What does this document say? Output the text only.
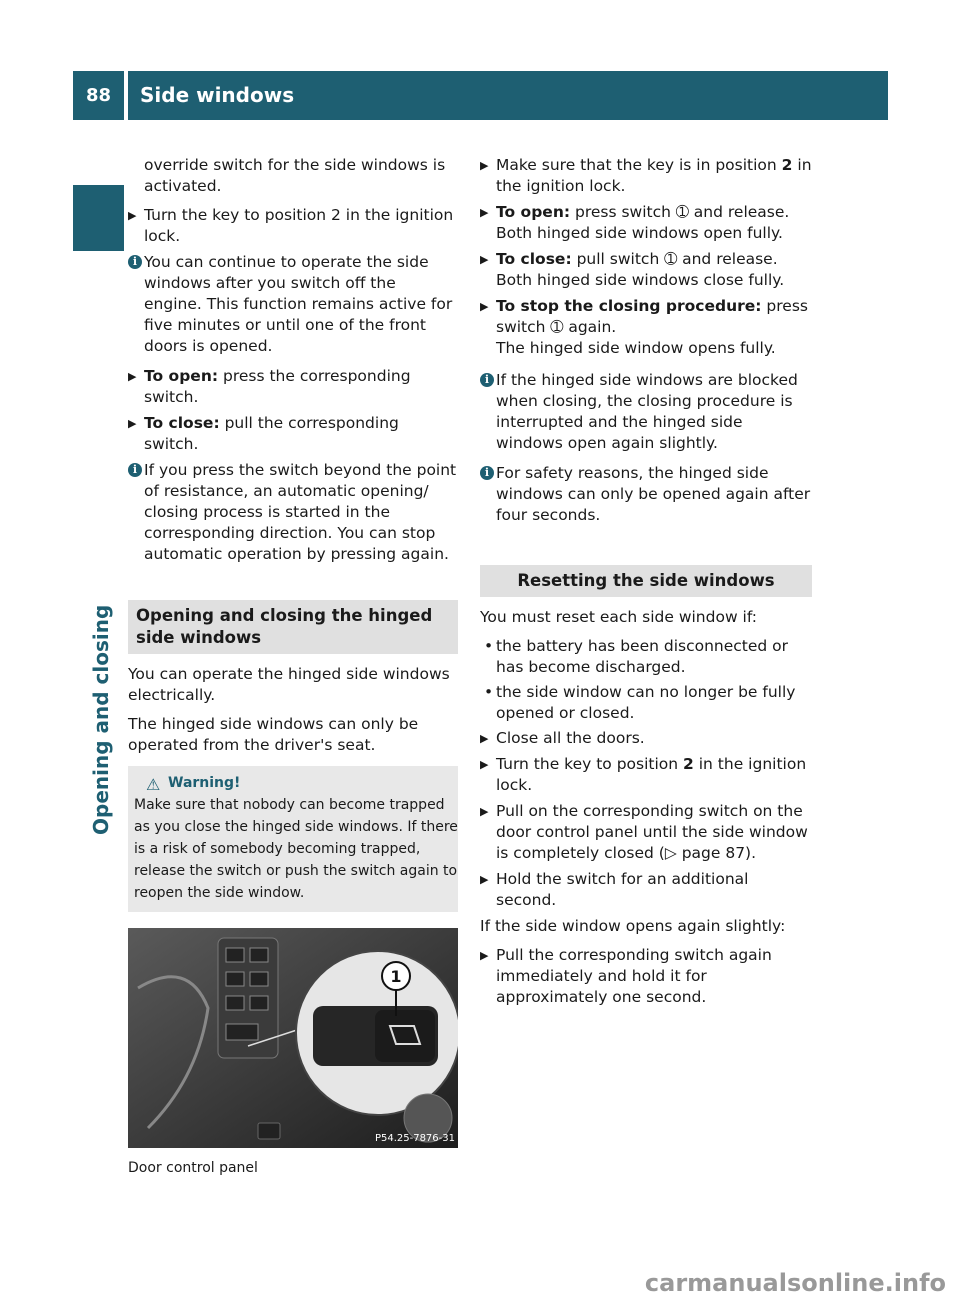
88	Side windows
Opening and closing

override switch for the side windows is activated.

▶ Turn the key to position 2 in the ignition lock.
i You can continue to operate the side windows after you switch off the engine. This function remains active for five minutes or until one of the front doors is opened.
▶ To open: press the corresponding switch.
▶ To close: pull the corresponding switch.
i If you press the switch beyond the point of resistance, an automatic opening/ closing process is started in the corresponding direction. You can stop automatic operation by pressing again.
Opening and closing the hinged side windows

You can operate the hinged side windows electrically.

The hinged side windows can only be operated from the driver's seat.

⚠ Warning!
Make sure that nobody can become trapped as you close the hinged side windows. If there is a risk of somebody becoming trapped, release the switch or push the switch again to reopen the side window.
1
P54.25-7876-31

Door control panel

▶ Make sure that the key is in position 2 in the ignition lock.
▶ To open: press switch ➀ and release.
Both hinged side windows open fully.
▶ To close: pull switch ➀ and release.
Both hinged side windows close fully.
▶ To stop the closing procedure: press switch ➀ again.
The hinged side window opens fully.
i If the hinged side windows are blocked when closing, the closing procedure is interrupted and the hinged side windows open again slightly.
i For safety reasons, the hinged side windows can only be opened again after four seconds.
Resetting the side windows

You must reset each side window if:

• the battery has been disconnected or has become discharged.
• the side window can no longer be fully opened or closed.
▶ Close all the doors.
▶ Turn the key to position 2 in the ignition lock.
▶ Pull on the corresponding switch on the door control panel until the side window is completely closed (▷ page 87).
▶ Hold the switch for an additional second.

If the side window opens again slightly:

▶ Pull the corresponding switch again immediately and hold it for approximately one second.
carmanualsonline.info
